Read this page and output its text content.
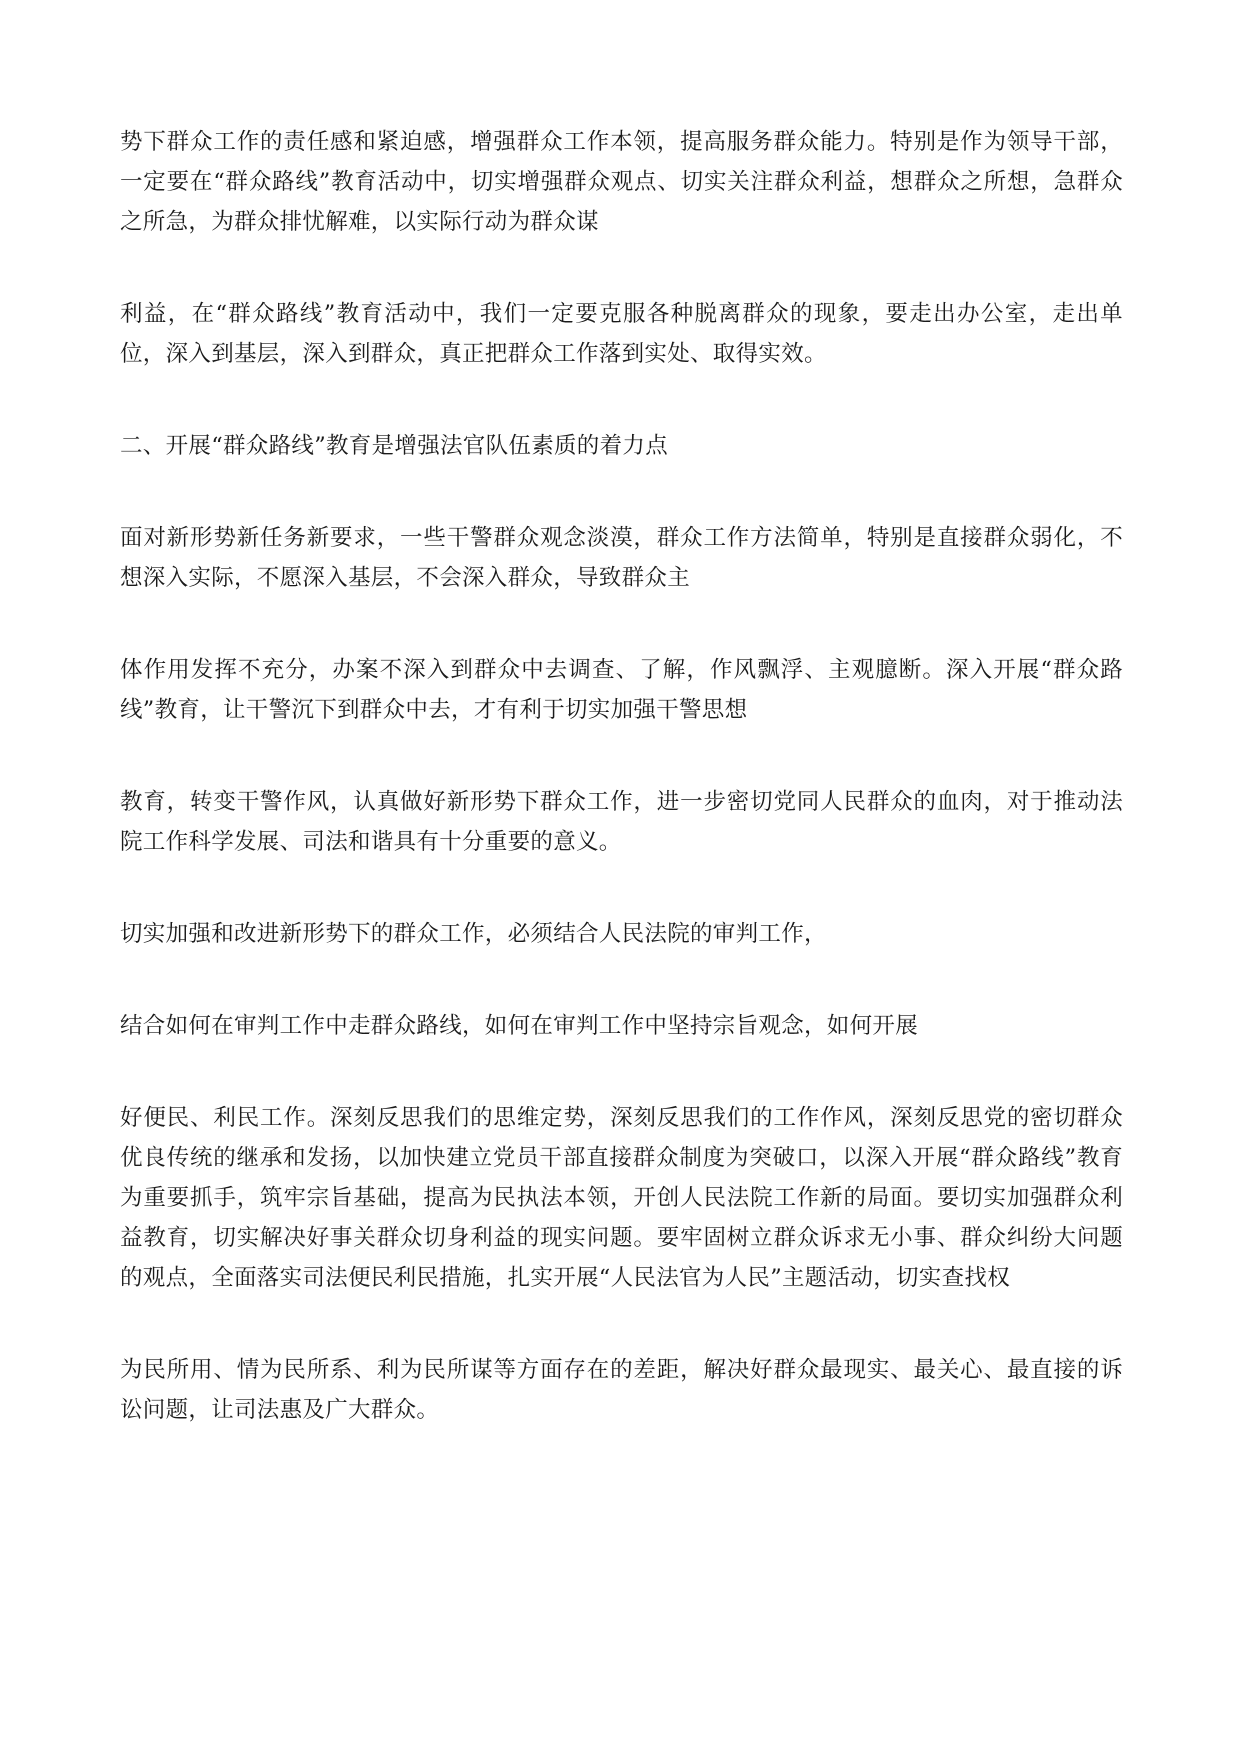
势下群众工作的责任感和紧迫感，增强群众工作本领，提高服务群众能力。特别是作为领导干部，一定要在“群众路线”教育活动中，切实增强群众观点、切实关注群众利益，想群众之所想，急群众之所急，为群众排忧解难，以实际行动为群众谋

利益，在“群众路线”教育活动中，我们一定要克服各种脱离群众的现象，要走出办公室，走出单位，深入到基层，深入到群众，真正把群众工作落到实处、取得实效。

二、开展“群众路线”教育是增强法官队伍素质的着力点

面对新形势新任务新要求，一些干警群众观念淡漠，群众工作方法简单，特别是直接群众弱化，不想深入实际，不愿深入基层，不会深入群众，导致群众主

体作用发挥不充分，办案不深入到群众中去调查、了解，作风飘浮、主观臆断。深入开展“群众路线”教育，让干警沉下到群众中去，才有利于切实加强干警思想

教育，转变干警作风，认真做好新形势下群众工作，进一步密切党同人民群众的血肉，对于推动法院工作科学发展、司法和谐具有十分重要的意义。

切实加强和改进新形势下的群众工作，必须结合人民法院的审判工作，

结合如何在审判工作中走群众路线，如何在审判工作中坚持宗旨观念，如何开展

好便民、利民工作。深刻反思我们的思维定势，深刻反思我们的工作作风，深刻反思党的密切群众优良传统的继承和发扬，以加快建立党员干部直接群众制度为突破口，以深入开展“群众路线”教育为重要抓手，筑牢宗旨基础，提高为民执法本领，开创人民法院工作新的局面。要切实加强群众利益教育，切实解决好事关群众切身利益的现实问题。要牢固树立群众诉求无小事、群众纠纷大问题的观点，全面落实司法便民利民措施，扎实开展“人民法官为人民”主题活动，切实查找权

为民所用、情为民所系、利为民所谋等方面存在的差距，解决好群众最现实、最关心、最直接的诉讼问题，让司法惠及广大群众。
